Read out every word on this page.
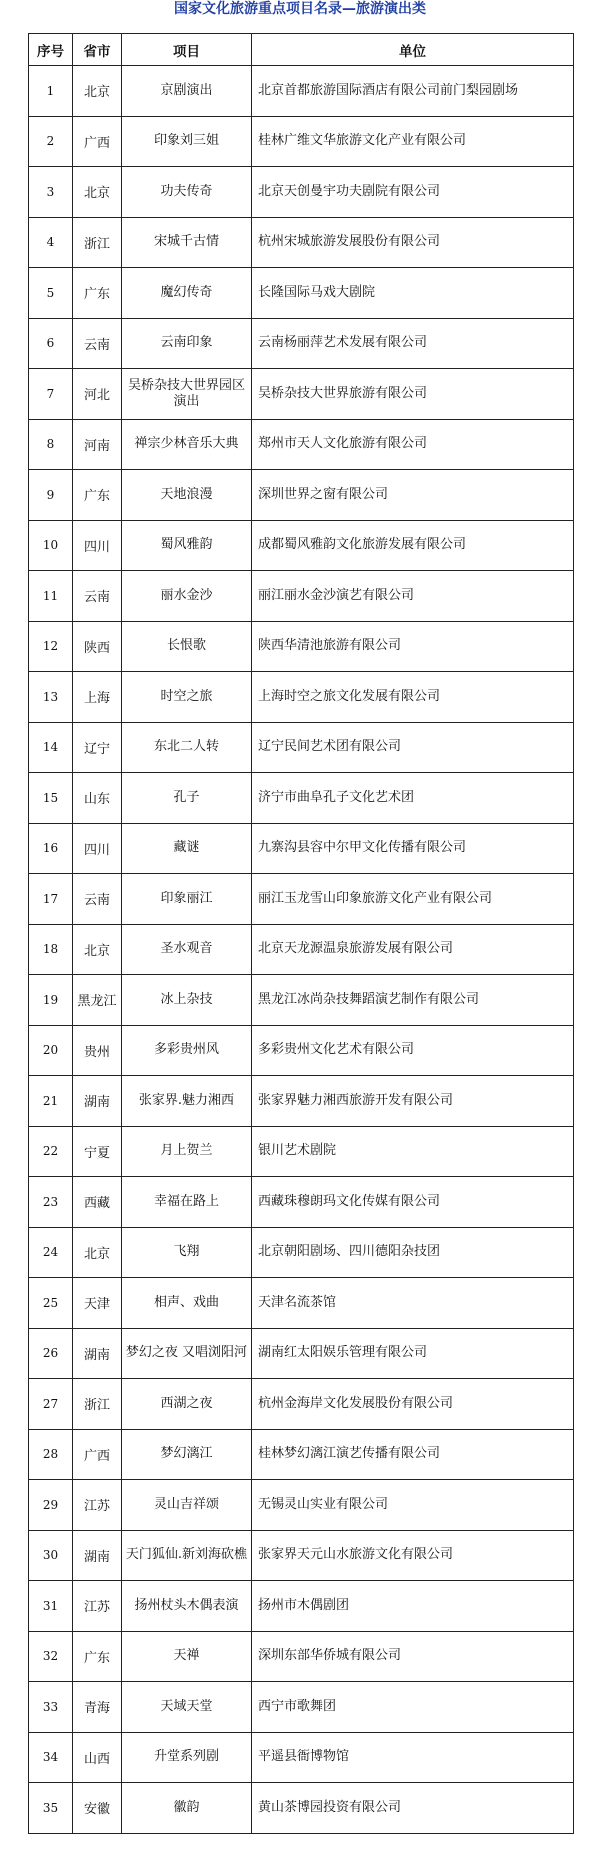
国家文化旅游重点项目名录—旅游演出类
序号	省市	项目	单位
1	北京	京剧演出	北京首都旅游国际酒店有限公司前门梨园剧场
2	广西	印象刘三姐	桂林广维文华旅游文化产业有限公司
3	北京	功夫传奇	北京天创曼宇功夫剧院有限公司
4	浙江	宋城千古情	杭州宋城旅游发展股份有限公司
5	广东	魔幻传奇	长隆国际马戏大剧院
6	云南	云南印象	云南杨丽萍艺术发展有限公司
7	河北	吴桥杂技大世界园区演出	吴桥杂技大世界旅游有限公司
8	河南	禅宗少林音乐大典	郑州市天人文化旅游有限公司
9	广东	天地浪漫	深圳世界之窗有限公司
10	四川	蜀风雅韵	成都蜀风雅韵文化旅游发展有限公司
11	云南	丽水金沙	丽江丽水金沙演艺有限公司
12	陕西	长恨歌	陕西华清池旅游有限公司
13	上海	时空之旅	上海时空之旅文化发展有限公司
14	辽宁	东北二人转	辽宁民间艺术团有限公司
15	山东	孔子	济宁市曲阜孔子文化艺术团
16	四川	藏谜	九寨沟县容中尔甲文化传播有限公司
17	云南	印象丽江	丽江玉龙雪山印象旅游文化产业有限公司
18	北京	圣水观音	北京天龙源温泉旅游发展有限公司
19	黑龙江	冰上杂技	黑龙江冰尚杂技舞蹈演艺制作有限公司
20	贵州	多彩贵州风	多彩贵州文化艺术有限公司
21	湖南	张家界.魅力湘西	张家界魅力湘西旅游开发有限公司
22	宁夏	月上贺兰	银川艺术剧院
23	西藏	幸福在路上	西藏珠穆朗玛文化传媒有限公司
24	北京	飞翔	北京朝阳剧场、四川德阳杂技团
25	天津	相声、戏曲	天津名流茶馆
26	湖南	梦幻之夜 又唱浏阳河	湖南红太阳娱乐管理有限公司
27	浙江	西湖之夜	杭州金海岸文化发展股份有限公司
28	广西	梦幻漓江	桂林梦幻漓江演艺传播有限公司
29	江苏	灵山吉祥颂	无锡灵山实业有限公司
30	湖南	天门狐仙.新刘海砍樵	张家界天元山水旅游文化有限公司
31	江苏	扬州杖头木偶表演	扬州市木偶剧团
32	广东	天禅	深圳东部华侨城有限公司
33	青海	天域天堂	西宁市歌舞团
34	山西	升堂系列剧	平遥县衙博物馆
35	安徽	徽韵	黄山茶博园投资有限公司
